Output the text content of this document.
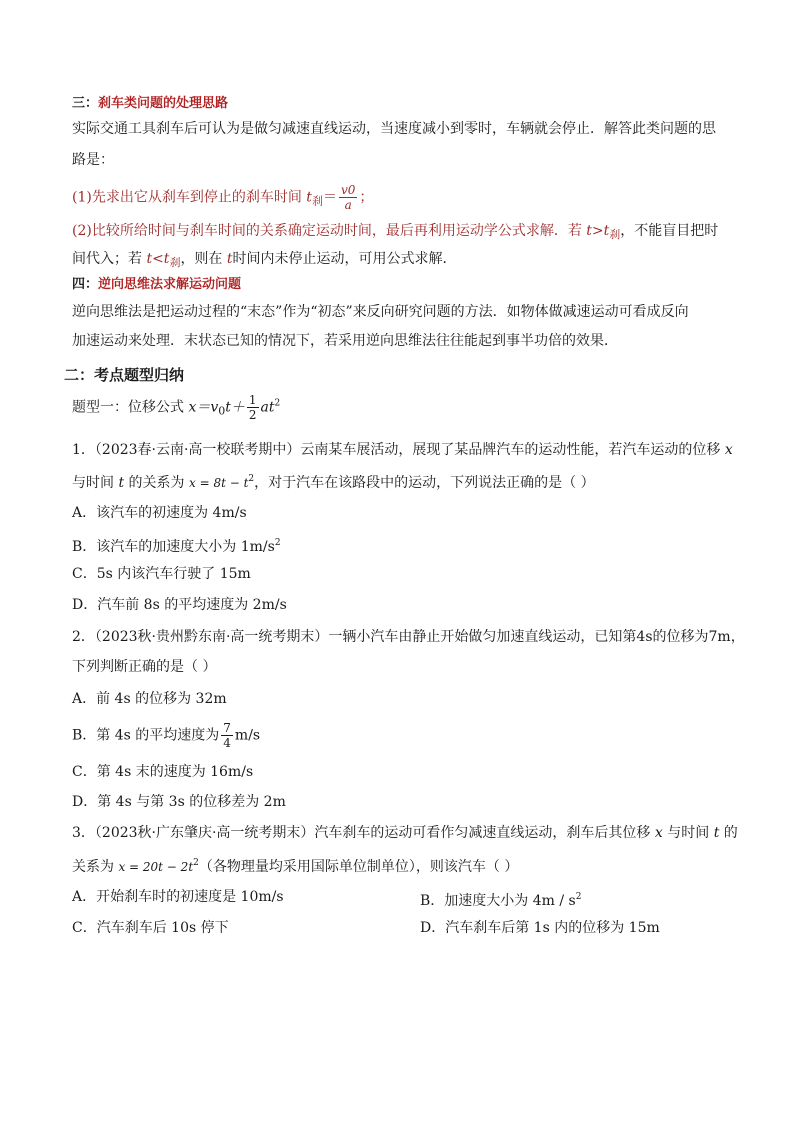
三：刹车类问题的处理思路
实际交通工具刹车后可认为是做匀减速直线运动，当速度减小到零时，车辆就会停止．解答此类问题的思
路是：
(1)先求出它从刹车到停止的刹车时间 $t_刹= \frac{v0}{a}$ ；
(2)比较所给时间与刹车时间的关系确定运动时间，最后再利用运动学公式求解．若 $t>t_刹$，不能盲目把时
间代入；若 $t<t_刹$，则在 t时间内未停止运动，可用公式求解．
四：逆向思维法求解运动问题
逆向思维法是把运动过程的“末态”作为“初态”来反向研究问题的方法．如物体做减速运动可看成反向
加速运动来处理．末状态已知的情况下，若采用逆向思维法往往能起到事半功倍的效果．
二：考点题型归纳
题型一：位移公式 $x=v_0t+ \frac{1}{2} at^2$
1．（2023春·云南·高一校联考期中）云南某车展活动，展现了某品牌汽车的运动性能，若汽车运动的位移 x
与时间 t 的关系为 $x = 8t - t^2$，对于汽车在该路段中的运动，下列说法正确的是（ ）
A．该汽车的初速度为 4m/s
B．该汽车的加速度大小为 $1m/s^2$
C．5s 内该汽车行驶了 15m
D．汽车前 8s 的平均速度为 2m/s
2．（2023秋·贵州黔东南·高一统考期末）一辆小汽车由静止开始做匀加速直线运动，已知第4s的位移为7m，
下列判断正确的是（ ）
A．前 4s 的位移为 32m
B．第 4s 的平均速度为 $\frac{7}{4} m/s$
C．第 4s 末的速度为 16m/s
D．第 4s 与第 3s 的位移差为 2m
3．（2023秋·广东肇庆·高一统考期末）汽车刹车的运动可看作匀减速直线运动，刹车后其位移 x 与时间 t 的
关系为 $x = 20t - 2t^2$（各物理量均采用国际单位制单位），则该汽车（ ）
A．开始刹车时的初速度是 10m/s	B．加速度大小为 $4m / s^2$
C．汽车刹车后 10s 停下	D．汽车刹车后第 1s 内的位移为 15m
